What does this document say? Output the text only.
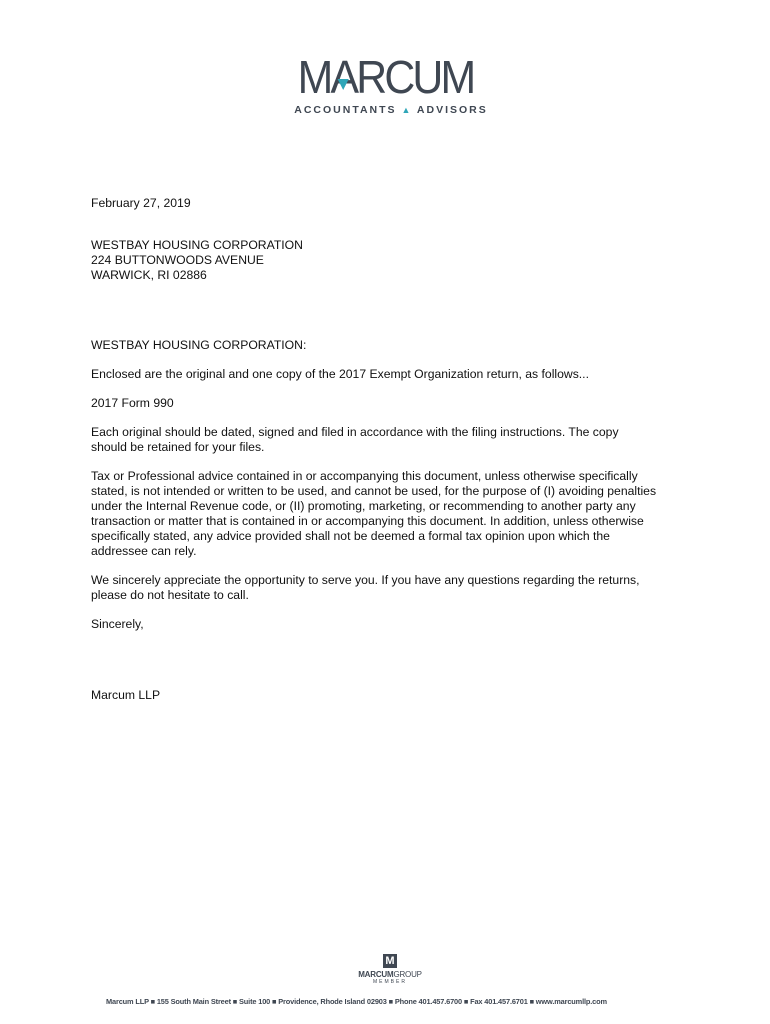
MA
RCUM
ACCOUNTANTS ▲ ADVISORS

February 27, 2019

WESTBAY HOUSING CORPORATION
224 BUTTONWOODS AVENUE
WARWICK, RI 02886

WESTBAY HOUSING CORPORATION:

Enclosed are the original and one copy of the 2017 Exempt Organization return, as follows...

2017 Form 990

Each original should be dated, signed and filed in accordance with the filing instructions. The copy
should be retained for your files.

Tax or Professional advice contained in or accompanying this document, unless otherwise specifically
stated, is not intended or written to be used, and cannot be used, for the purpose of (I) avoiding penalties
under the Internal Revenue code, or (II) promoting, marketing, or recommending to another party any
transaction or matter that is contained in or accompanying this document. In addition, unless otherwise
specifically stated, any advice provided shall not be deemed a formal tax opinion upon which the
addressee can rely.

We sincerely appreciate the opportunity to serve you. If you have any questions regarding the returns,
please do not hesitate to call.

Sincerely,

Marcum LLP

M
MARCUMGROUP
MEMBER
Marcum LLP ■ 155 South Main Street ■ Suite 100 ■ Providence, Rhode Island 02903 ■ Phone 401.457.6700 ■ Fax 401.457.6701 ■ www.marcumllp.com
